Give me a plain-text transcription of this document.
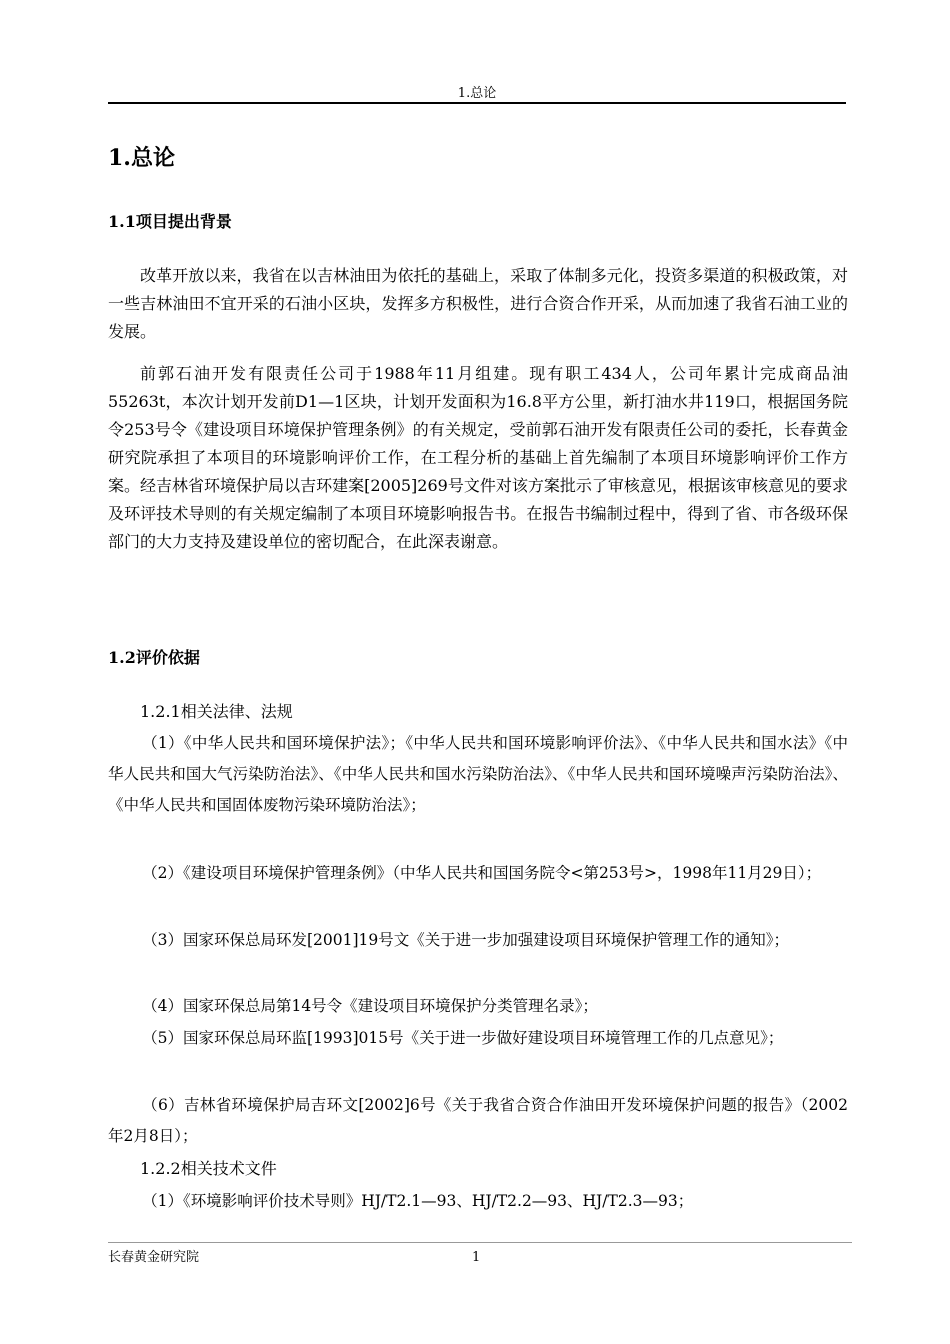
1.总论
1.总论
1.1项目提出背景

改革开放以来，我省在以吉林油田为依托的基础上，采取了体制多元化，投资多渠道的积极政策，对一些吉林油田不宜开采的石油小区块，发挥多方积极性，进行合资合作开采，从而加速了我省石油工业的发展。

前郭石油开发有限责任公司于1988年11月组建。现有职工434人，公司年累计完成商品油55263t，本次计划开发前D1—1区块，计划开发面积为16.8平方公里，新打油水井119口，根据国务院令253号令《建设项目环境保护管理条例》的有关规定，受前郭石油开发有限责任公司的委托，长春黄金研究院承担了本项目的环境影响评价工作，在工程分析的基础上首先编制了本项目环境影响评价工作方案。经吉林省环境保护局以吉环建案[2005]269号文件对该方案批示了审核意见，根据该审核意见的要求及环评技术导则的有关规定编制了本项目环境影响报告书。在报告书编制过程中，得到了省、市各级环保部门的大力支持及建设单位的密切配合，在此深表谢意。

1.2评价依据
1.2.1相关法律、法规

（1）《中华人民共和国环境保护法》；《中华人民共和国环境影响评价法》、《中华人民共和国水法》《中华人民共和国大气污染防治法》、《中华人民共和国水污染防治法》、《中华人民共和国环境噪声污染防治法》、《中华人民共和国固体废物污染环境防治法》；

（2）《建设项目环境保护管理条例》（中华人民共和国国务院令<第253号>，1998年11月29日）；

（3）国家环保总局环发[2001]19号文《关于进一步加强建设项目环境保护管理工作的通知》；

（4）国家环保总局第14号令《建设项目环境保护分类管理名录》；

（5）国家环保总局环监[1993]015号《关于进一步做好建设项目环境管理工作的几点意见》；

（6）吉林省环境保护局吉环文[2002]6号《关于我省合资合作油田开发环境保护问题的报告》（2002年2月8日）；

1.2.2相关技术文件

（1）《环境影响评价技术导则》HJ/T2.1—93、HJ/T2.2—93、HJ/T2.3—93；

长春黄金研究院	1
